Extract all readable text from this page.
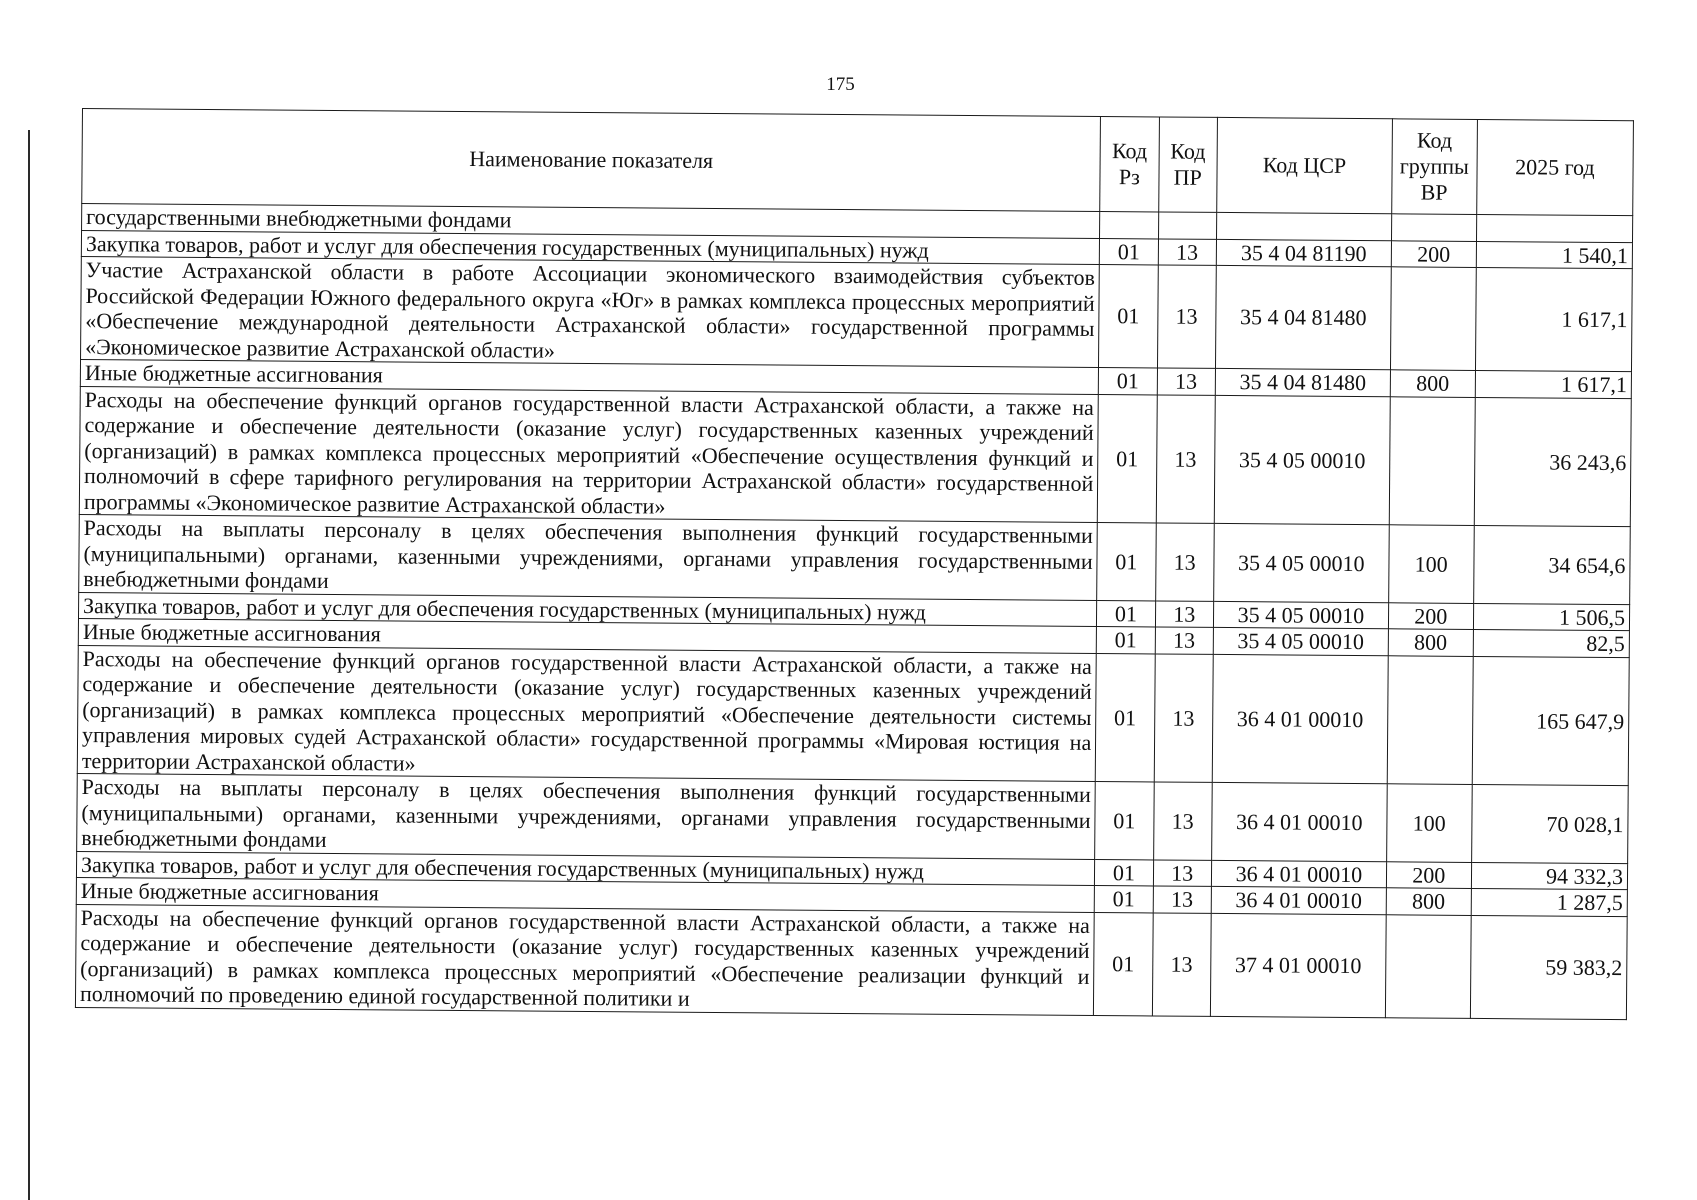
175
Наименование показателя	Код Рз	Код ПР	Код ЦСР	Код группы ВР	2025 год
государственными внебюджетными фондами					
Закупка товаров, работ и услуг для обеспечения государственных (муниципальных) нужд	01	13	35 4 04 81190	200	1 540,1
Участие Астраханской области в работе Ассоциации экономического взаимодействия субъектов Российской Федерации Южного федерального округа «Юг» в рамках комплекса процессных мероприятий «Обеспечение международной деятельности Астраханской области» государственной программы «Экономическое развитие Астраханской области»	01	13	35 4 04 81480		1 617,1
Иные бюджетные ассигнования	01	13	35 4 04 81480	800	1 617,1
Расходы на обеспечение функций органов государственной власти Астраханской области, а также на содержание и обеспечение деятельности (оказание услуг) государственных казенных учреждений (организаций) в рамках комплекса процессных мероприятий «Обеспечение осуществления функций и полномочий в сфере тарифного регулирования на территории Астраханской области» государственной программы «Экономическое развитие Астраханской области»	01	13	35 4 05 00010		36 243,6
Расходы на выплаты персоналу в целях обеспечения выполнения функций государственными (муниципальными) органами, казенными учреждениями, органами управления государственными внебюджетными фондами	01	13	35 4 05 00010	100	34 654,6
Закупка товаров, работ и услуг для обеспечения государственных (муниципальных) нужд	01	13	35 4 05 00010	200	1 506,5
Иные бюджетные ассигнования	01	13	35 4 05 00010	800	82,5
Расходы на обеспечение функций органов государственной власти Астраханской области, а также на содержание и обеспечение деятельности (оказание услуг) государственных казенных учреждений (организаций) в рамках комплекса процессных мероприятий «Обеспечение деятельности системы управления мировых судей Астраханской области» государственной программы «Мировая юстиция на территории Астраханской области»	01	13	36 4 01 00010		165 647,9
Расходы на выплаты персоналу в целях обеспечения выполнения функций государственными (муниципальными) органами, казенными учреждениями, органами управления государственными внебюджетными фондами	01	13	36 4 01 00010	100	70 028,1
Закупка товаров, работ и услуг для обеспечения государственных (муниципальных) нужд	01	13	36 4 01 00010	200	94 332,3
Иные бюджетные ассигнования	01	13	36 4 01 00010	800	1 287,5
Расходы на обеспечение функций органов государственной власти Астраханской области, а также на содержание и обеспечение деятельности (оказание услуг) государственных казенных учреждений (организаций) в рамках комплекса процессных мероприятий «Обеспечение реализации функций и полномочий по проведению единой государственной политики и	01	13	37 4 01 00010		59 383,2
